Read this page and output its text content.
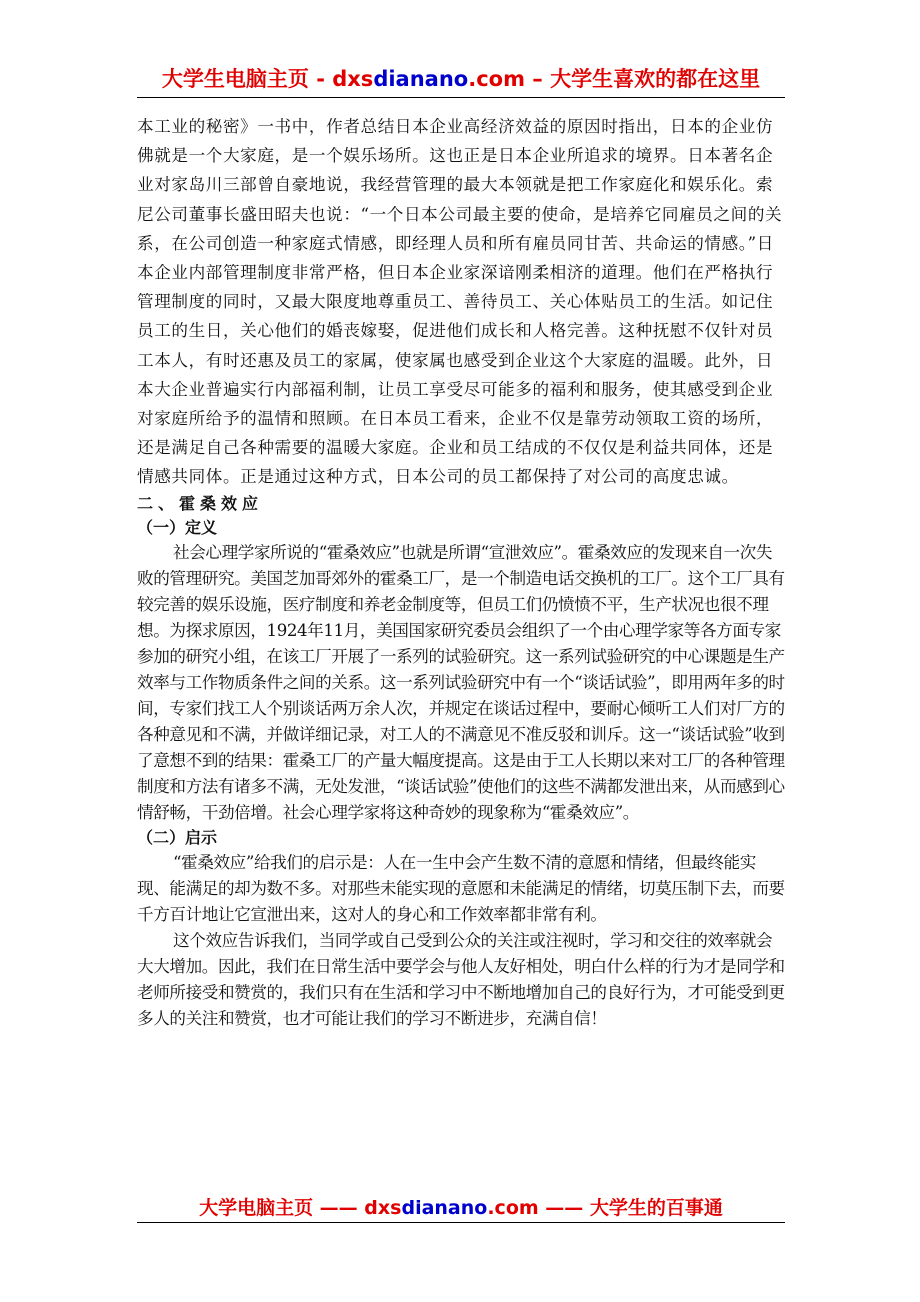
大学生电脑主页 - dxsdianano.com – 大学生喜欢的都在这里

本工业的秘密》一书中，作者总结日本企业高经济效益的原因时指出，日本的企业仿佛就是一个大家庭，是一个娱乐场所。这也正是日本企业所追求的境界。日本著名企业对家岛川三部曾自豪地说，我经营管理的最大本领就是把工作家庭化和娱乐化。索尼公司董事长盛田昭夫也说：“一个日本公司最主要的使命，是培养它同雇员之间的关系，在公司创造一种家庭式情感，即经理人员和所有雇员同甘苦、共命运的情感。”日本企业内部管理制度非常严格，但日本企业家深谙刚柔相济的道理。他们在严格执行管理制度的同时，又最大限度地尊重员工、善待员工、关心体贴员工的生活。如记住员工的生日，关心他们的婚丧嫁娶，促进他们成长和人格完善。这种抚慰不仅针对员工本人，有时还惠及员工的家属，使家属也感受到企业这个大家庭的温暖。此外，日本大企业普遍实行内部福利制，让员工享受尽可能多的福利和服务，使其感受到企业对家庭所给予的温情和照顾。在日本员工看来，企业不仅是靠劳动领取工资的场所，还是满足自己各种需要的温暖大家庭。企业和员工结成的不仅仅是利益共同体，还是情感共同体。正是通过这种方式，日本公司的员工都保持了对公司的高度忠诚。

二、霍桑效应

（一）定义

社会心理学家所说的“霍桑效应”也就是所谓“宣泄效应”。霍桑效应的发现来自一次失败的管理研究。美国芝加哥郊外的霍桑工厂，是一个制造电话交换机的工厂。这个工厂具有较完善的娱乐设施，医疗制度和养老金制度等，但员工们仍愤愤不平，生产状况也很不理想。为探求原因，1924年11月，美国国家研究委员会组织了一个由心理学家等各方面专家参加的研究小组，在该工厂开展了一系列的试验研究。这一系列试验研究的中心课题是生产效率与工作物质条件之间的关系。这一系列试验研究中有一个“谈话试验”，即用两年多的时间，专家们找工人个别谈话两万余人次，并规定在谈话过程中，要耐心倾听工人们对厂方的各种意见和不满，并做详细记录，对工人的不满意见不准反驳和训斥。这一“谈话试验”收到了意想不到的结果：霍桑工厂的产量大幅度提高。这是由于工人长期以来对工厂的各种管理制度和方法有诸多不满，无处发泄，“谈话试验”使他们的这些不满都发泄出来，从而感到心情舒畅，干劲倍增。社会心理学家将这种奇妙的现象称为“霍桑效应”。

（二）启示

“霍桑效应”给我们的启示是：人在一生中会产生数不清的意愿和情绪，但最终能实现、能满足的却为数不多。对那些未能实现的意愿和未能满足的情绪，切莫压制下去，而要千方百计地让它宣泄出来，这对人的身心和工作效率都非常有利。

这个效应告诉我们，当同学或自己受到公众的关注或注视时，学习和交往的效率就会大大增加。因此，我们在日常生活中要学会与他人友好相处，明白什么样的行为才是同学和老师所接受和赞赏的，我们只有在生活和学习中不断地增加自己的良好行为，才可能受到更多人的关注和赞赏，也才可能让我们的学习不断进步，充满自信！

大学电脑主页 —— dxsdianano.com —— 大学生的百事通
